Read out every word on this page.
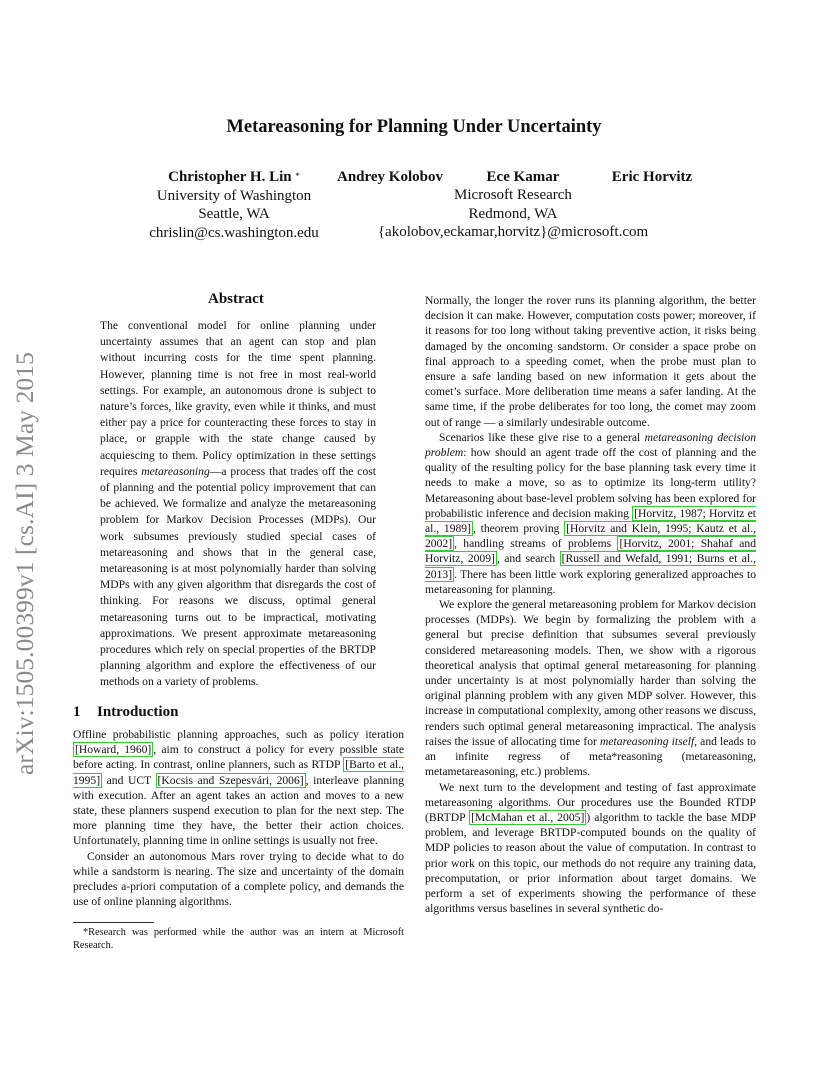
arXiv:1505.00399v1 [cs.AI] 3 May 2015
Metareasoning for Planning Under Uncertainty
Christopher H. Lin *
University of Washington
Seattle, WA
chrislin@cs.washington.edu
Andrey Kolobov	Ece Kamar	Eric Horvitz
Microsoft Research
Redmond, WA
{akolobov,eckamar,horvitz}@microsoft.com
Abstract
The conventional model for online planning under uncertainty assumes that an agent can stop and plan without incurring costs for the time spent planning. However, planning time is not free in most real-world settings. For example, an autonomous drone is subject to nature’s forces, like gravity, even while it thinks, and must either pay a price for counteracting these forces to stay in place, or grapple with the state change caused by acquiescing to them. Policy optimization in these settings requires metareasoning—a process that trades off the cost of planning and the potential policy improvement that can be achieved. We formalize and analyze the metareasoning problem for Markov Decision Processes (MDPs). Our work subsumes previously studied special cases of metareasoning and shows that in the general case, metareasoning is at most polynomially harder than solving MDPs with any given algorithm that disregards the cost of thinking. For reasons we discuss, optimal general metareasoning turns out to be impractical, motivating approximations. We present approximate metareasoning procedures which rely on special properties of the BRTDP planning algorithm and explore the effectiveness of our methods on a variety of problems.
1 Introduction

Offline probabilistic planning approaches, such as policy iteration [Howard, 1960] , aim to construct a policy for every possible state before acting. In contrast, online planners, such as RTDP [Barto et al., 1995] and UCT [Kocsis and Szepesvári, 2006] , interleave planning with execution. After an agent takes an action and moves to a new state, these planners suspend execution to plan for the next step. The more planning time they have, the better their action choices. Unfortunately, planning time in online settings is usually not free.

Consider an autonomous Mars rover trying to decide what to do while a sandstorm is nearing. The size and uncertainty of the domain precludes a-priori computation of a complete policy, and demands the use of online planning algorithms.

*Research was performed while the author was an intern at Microsoft Research.

Normally, the longer the rover runs its planning algorithm, the better decision it can make. However, computation costs power; moreover, if it reasons for too long without taking preventive action, it risks being damaged by the oncoming sandstorm. Or consider a space probe on final approach to a speeding comet, when the probe must plan to ensure a safe landing based on new information it gets about the comet’s surface. More deliberation time means a safer landing. At the same time, if the probe deliberates for too long, the comet may zoom out of range — a similarly undesirable outcome.

Scenarios like these give rise to a general metareasoning decision problem: how should an agent trade off the cost of planning and the quality of the resulting policy for the base planning task every time it needs to make a move, so as to optimize its long-term utility? Metareasoning about base-level problem solving has been explored for probabilistic inference and decision making [Horvitz, 1987; Horvitz et al., 1989] , theorem proving [Horvitz and Klein, 1995; Kautz et al., 2002] , handling streams of problems [Horvitz, 2001; Shahaf and Horvitz, 2009] , and search [Russell and Wefald, 1991; Burns et al., 2013] . There has been little work exploring generalized approaches to metareasoning for planning.

We explore the general metareasoning problem for Markov decision processes (MDPs). We begin by formalizing the problem with a general but precise definition that subsumes several previously considered metareasoning models. Then, we show with a rigorous theoretical analysis that optimal general metareasoning for planning under uncertainty is at most polynomially harder than solving the original planning problem with any given MDP solver. However, this increase in computational complexity, among other reasons we discuss, renders such optimal general metareasoning impractical. The analysis raises the issue of allocating time for metareasoning itself, and leads to an infinite regress of meta*reasoning (metareasoning, metametareasoning, etc.) problems.

We next turn to the development and testing of fast approximate metareasoning algorithms. Our procedures use the Bounded RTDP (BRTDP [McMahan et al., 2005] ) algorithm to tackle the base MDP problem, and leverage BRTDP-computed bounds on the quality of MDP policies to reason about the value of computation. In contrast to prior work on this topic, our methods do not require any training data, precomputation, or prior information about target domains. We perform a set of experiments showing the performance of these algorithms versus baselines in several synthetic do-
